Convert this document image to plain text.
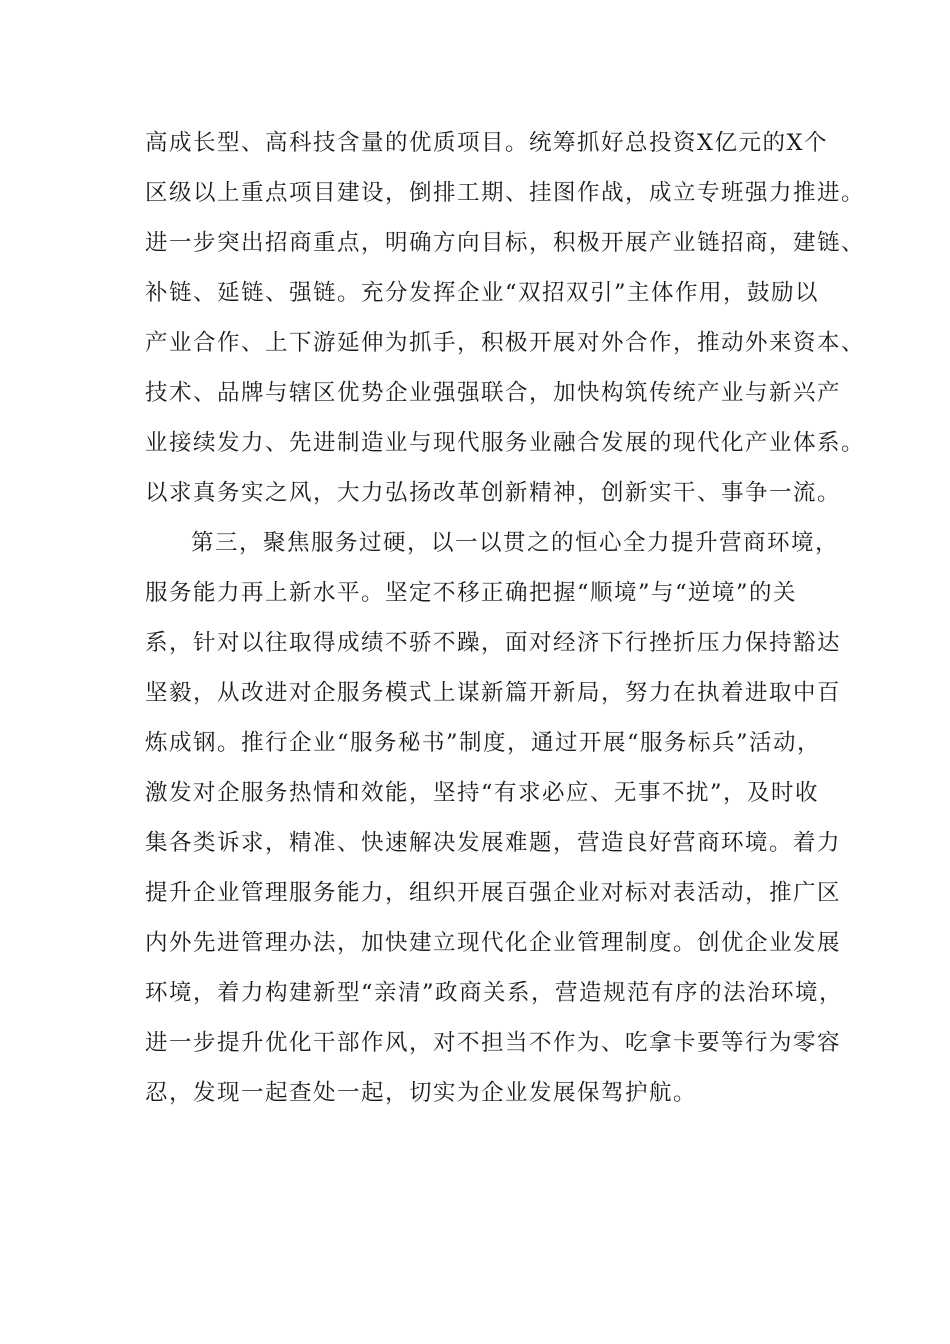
高成长型、高科技含量的优质项目。统筹抓好总投资X亿元的X个
区级以上重点项目建设，倒排工期、挂图作战，成立专班强力推进。
进一步突出招商重点，明确方向目标，积极开展产业链招商，建链、
补链、延链、强链。充分发挥企业“双招双引”主体作用，鼓励以
产业合作、上下游延伸为抓手，积极开展对外合作，推动外来资本、
技术、品牌与辖区优势企业强强联合，加快构筑传统产业与新兴产
业接续发力、先进制造业与现代服务业融合发展的现代化产业体系。
以求真务实之风，大力弘扬改革创新精神，创新实干、事争一流。
第三，聚焦服务过硬，以一以贯之的恒心全力提升营商环境，
服务能力再上新水平。坚定不移正确把握“顺境”与“逆境”的关
系，针对以往取得成绩不骄不躁，面对经济下行挫折压力保持豁达
坚毅，从改进对企服务模式上谋新篇开新局，努力在执着进取中百
炼成钢。推行企业“服务秘书”制度，通过开展“服务标兵”活动，
激发对企服务热情和效能，坚持“有求必应、无事不扰”，及时收
集各类诉求，精准、快速解决发展难题，营造良好营商环境。着力
提升企业管理服务能力，组织开展百强企业对标对表活动，推广区
内外先进管理办法，加快建立现代化企业管理制度。创优企业发展
环境，着力构建新型“亲清”政商关系，营造规范有序的法治环境，
进一步提升优化干部作风，对不担当不作为、吃拿卡要等行为零容
忍，发现一起查处一起，切实为企业发展保驾护航。
